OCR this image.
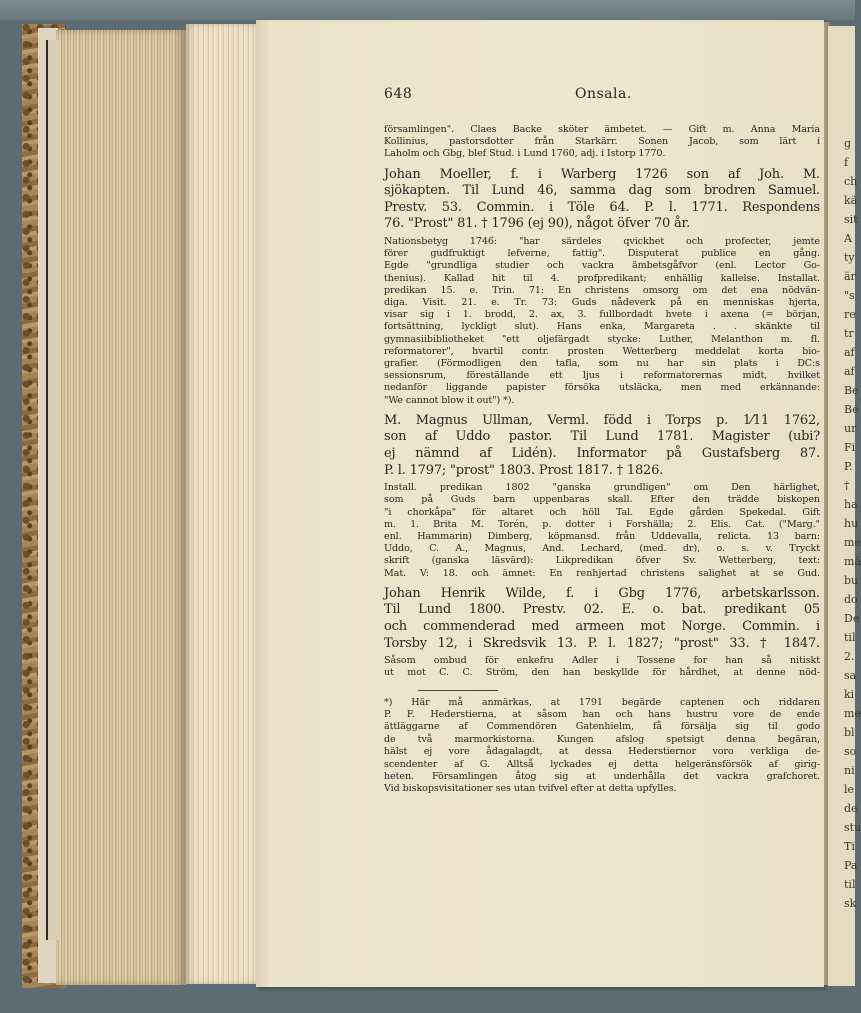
g
f
ch
kä
sit
A
ty
är
"s
re
tr
af
af
Be
Be
ur
Fi
P.
†
ha
hu
me
mä
bu
do
De
til
2.
sa
ki
me
bl
so
ni
le
de
stu
Ti
Pa
til
sk
648	Onsala.
församlingen". Claes Backe sköter ämbetet. — Gift m. Anna Maria
Kollinius, pastorsdotter från Starkärr. Sonen Jacob, som lärt i
Laholm och Gbg, blef Stud. i Lund 1760, adj. i Istorp 1770.
Johan Moeller, f. i Warberg 1726 son af Joh. M.
sjökapten. Til Lund 46, samma dag som brodren Samuel.
Prestv. 53. Commin. i Töle 64. P. l. 1771. Respondens
76. "Prost" 81. † 1796 (ej 90), något öfver 70 år.
Nationsbetyg 1746: "har särdeles qvickhet och profecter, jemte
förer gudfruktigt lefverne, fattig". Disputerat publice en gång.
Egde "grundliga studier och vackra ämbetsgåfvor (enl. Lector Go-
thenius). Kallad hit til 4. profpredikant; enhällig kallelse. Installat.
predikan 15. e. Trin. 71: En christens omsorg om det ena nödvän-
diga. Visit. 21. e. Tr. 73: Guds nådeverk på en menniskas hjerta,
visar sig i 1. brodd, 2. ax, 3. fullbordadt hvete i axena (= början,
fortsättning, lyckligt slut). Hans enka, Margareta . . skänkte til
gymnasiibibliotheket "ett oljefärgadt stycke: Luther, Melanthon m. fl.
reformatorer", hvartil contr. prosten Wetterberg meddelat korta bio-
grafier. (Förmodligen den tafla, som nu har sin plats i DC:s
sessionsrum, föreställande ett ljus i reformatorernas midt, hvilket
nedanför liggande papister försöka utsläcka, men med erkännande:
"We cannot blow it out") *).
M. Magnus Ullman, Verml. född i Torps p. 1⁄11 1762,
son af Uddo pastor. Til Lund 1781. Magister (ubi?
ej nämnd af Lidén). Informator på Gustafsberg 87.
P. l. 1797; "prost" 1803. Prost 1817. † 1826.
Install. predikan 1802 "ganska grundligen" om Den härlighet,
som på Guds barn uppenbaras skall. Efter den trädde biskopen
"i chorkåpa" för altaret och höll Tal. Egde gården Spekedal. Gift
m. 1. Brita M. Torén, p. dotter i Forshälla; 2. Elis. Cat. ("Marg."
enl. Hammarin) Dimberg, köpmansd. från Uddevalla, relicta. 13 barn:
Uddo, C. A., Magnus, And. Lechard, (med. dr), o. s. v. Tryckt
skrift (ganska läsvärd): Likpredikan öfver Sv. Wetterberg, text:
Mat. V: 18. och ämnet: En renhjertad christens salighet at se Gud.
Johan Henrik Wilde, f. i Gbg 1776, arbetskarlsson.
Til Lund 1800. Prestv. 02. E. o. bat. predikant 05
och commenderad med armeen mot Norge. Commin. i
Torsby 12, i Skredsvik 13. P. l. 1827; "prost" 33. † 1847.
Såsom ombud för enkefru Adler i Tossene for han så nitiskt
ut mot C. C. Ström, den han beskyllde för hårdhet, at denne nöd-
*) Här må anmärkas, at 1791 begärde captenen och riddaren
P. F. Hederstierna, at såsom han och hans hustru vore de ende
ättläggarne af Commendören Gatenhielm, få försälja sig til godo
de två marmorkistorna. Kungen afslog spetsigt denna begäran,
hälst ej vore ådagalagdt, at dessa Hederstiernor voro verkliga de-
scendenter af G. Alltså lyckades ej detta helgeränsförsök af girig-
heten. Församlingen åtog sig at underhålla det vackra grafchoret.
Vid biskopsvisitationer ses utan tvifvel efter at detta upfylles.
